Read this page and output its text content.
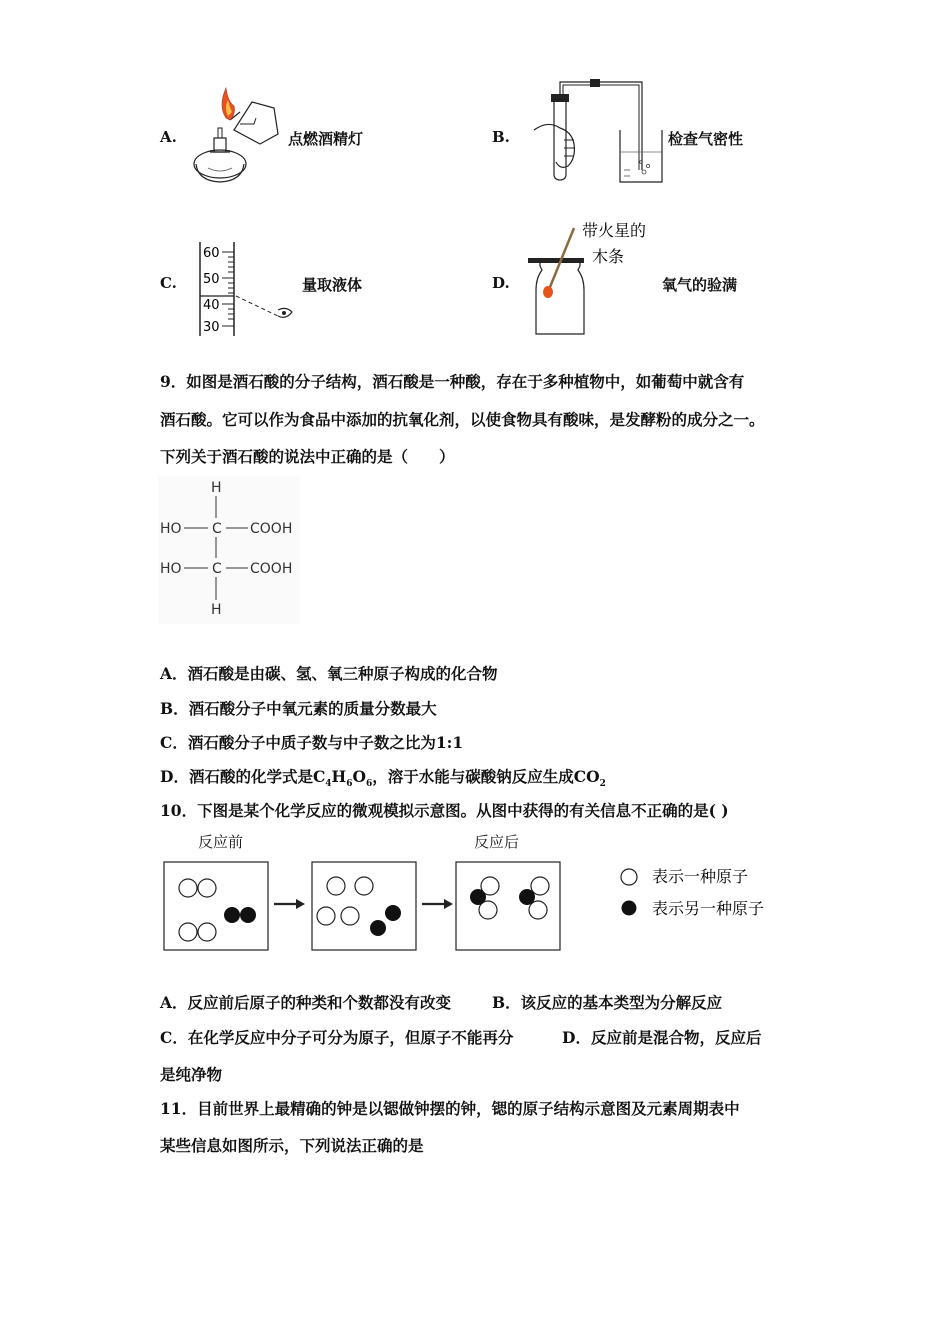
A.	点燃酒精灯	B.	检查气密性
C.
60
50
40
30
量取液体	D.
带火星的
木条
氧气的验满
9．如图是酒石酸的分子结构，酒石酸是一种酸，存在于多种植物中，如葡萄中就含有
酒石酸。它可以作为食品中添加的抗氧化剂，以使食物具有酸味，是发酵粉的成分之一。
下列关于酒石酸的说法中正确的是（　　）
H
C
C
H
HO
HO
COOH
COOH
A．酒石酸是由碳、氢、氧三种原子构成的化合物
B．酒石酸分子中氧元素的质量分数最大
C．酒石酸分子中质子数与中子数之比为1:1
D．酒石酸的化学式是$C_4H_6O_6$，溶于水能与碳酸钠反应生成$CO_2$
10．下图是某个化学反应的微观模拟示意图。从图中获得的有关信息不正确的是( )
反应前	反应后
表示一种原子
表示另一种原子
A．反应前后原子的种类和个数都没有改变	B．该反应的基本类型为分解反应
C．在化学反应中分子可分为原子，但原子不能再分	D．反应前是混合物，反应后
是纯净物
11．目前世界上最精确的钟是以锶做钟摆的钟，锶的原子结构示意图及元素周期表中
某些信息如图所示，下列说法正确的是
